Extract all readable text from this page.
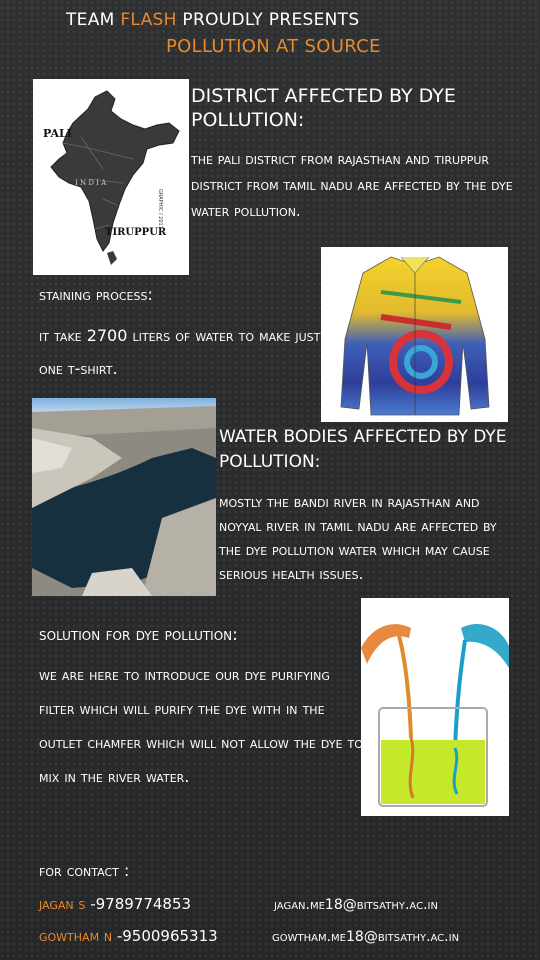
TEAM FLASH PROUDLY PRESENTS
POLLUTION AT SOURCE
PALI
I N D I A
TIRUPPUR
GRAPHIC / 2017
DISTRICT AFFECTED BY DYE POLLUTION:
the pali district from rajasthan and tiruppur district from tamil nadu are affected by the dye water pollution.
staining process:
it take 2700 liters of water to make just one t-shirt.
WATER BODIES AFFECTED BY DYE POLLUTION:
mostly the bandi river in rajasthan and noyyal river in tamil nadu are affected by the dye pollution water which may cause serious health issues.
solution for dye pollution:
we are here to introduce our dye purifying filter which will purify the dye with in the outlet chamfer which will not allow the dye to mix in the river water.
for contact :
jagan s -9789774853	jagan.me18@bitsathy.ac.in
gowtham n -9500965313	gowtham.me18@bitsathy.ac.in
